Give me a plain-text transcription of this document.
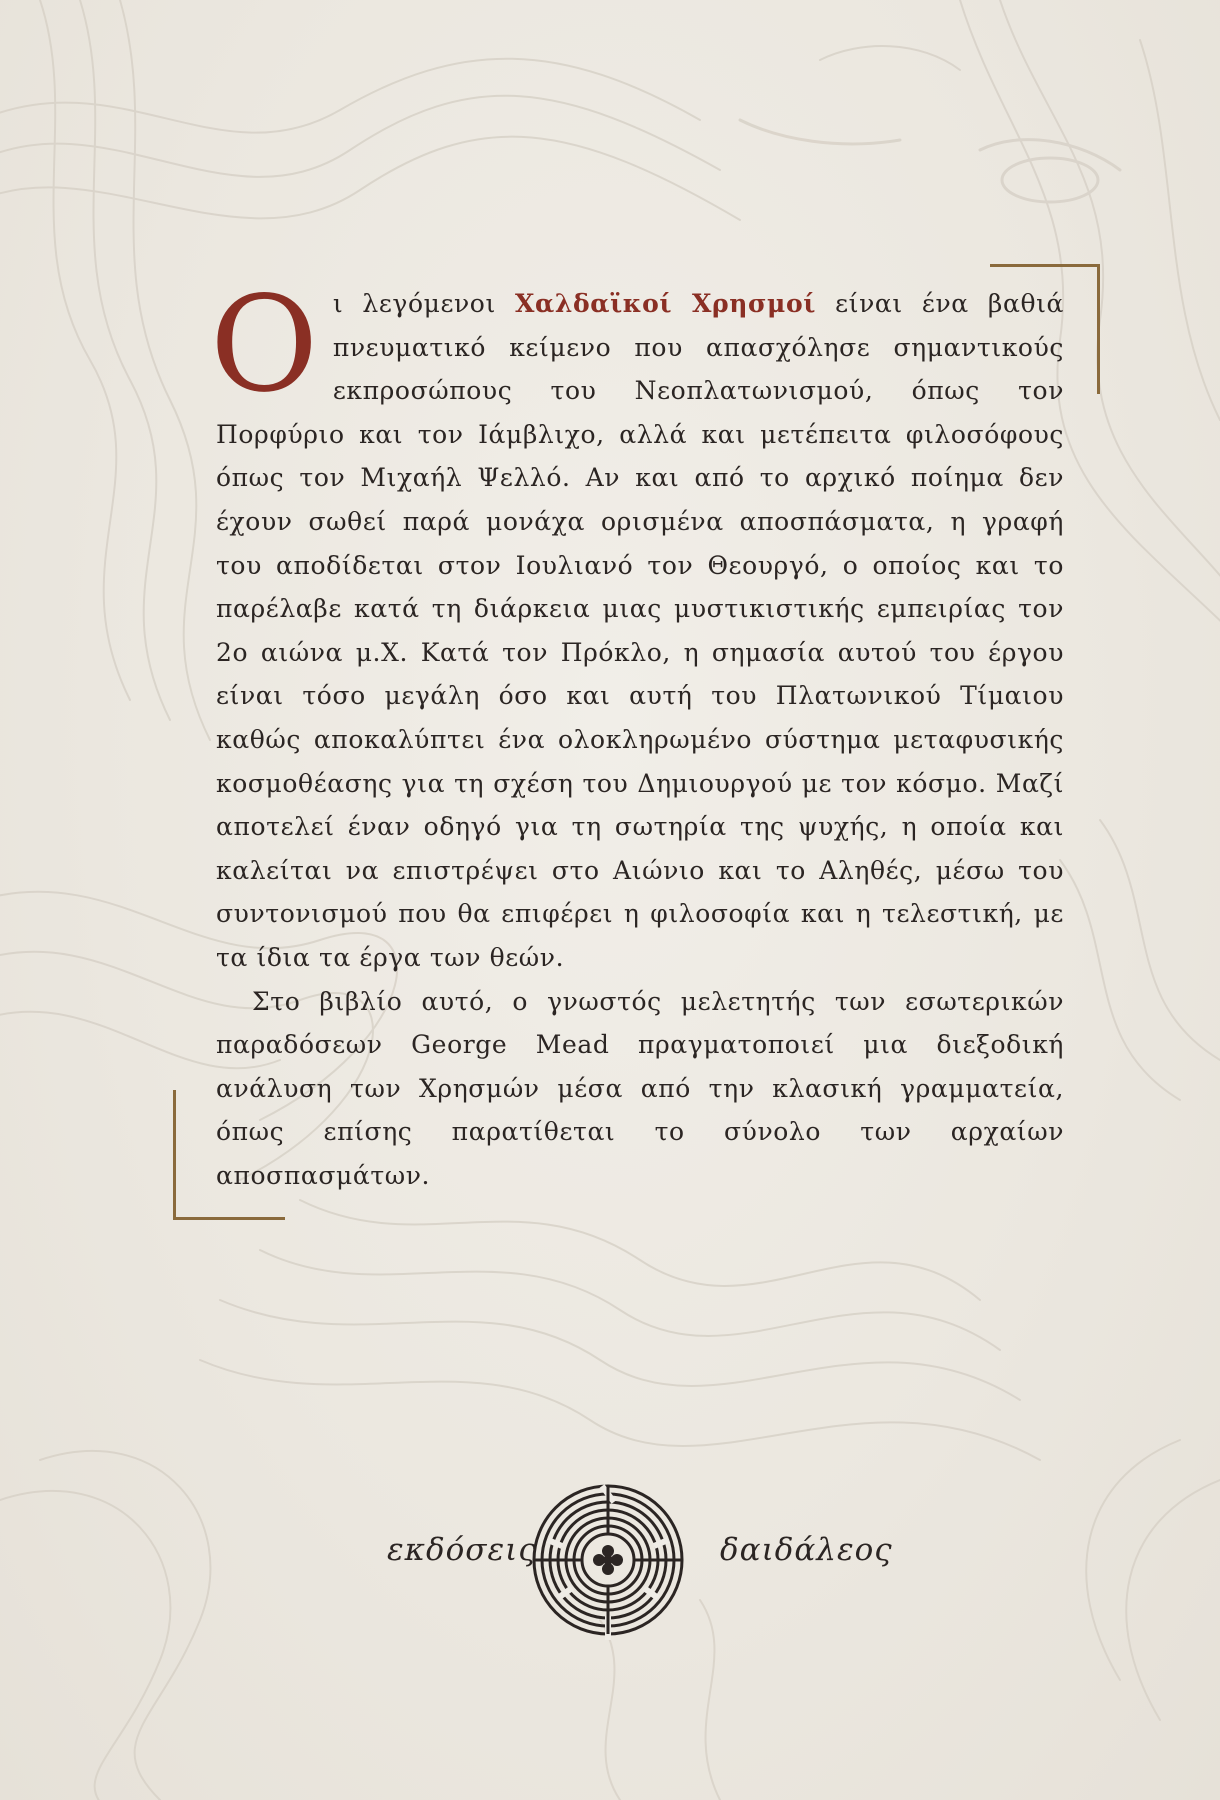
Οι λεγόμενοι Χαλδαϊκοί Χρησμοί είναι ένα βαθιά πνευματικό κείμενο που απασχόλησε σημαντικούς εκπροσώπους του Νεοπλατωνισμού, όπως τον Πορφύριο και τον Ιάμβλιχο, αλλά και μετέπειτα φιλοσόφους όπως τον Μιχαήλ Ψελλό. Αν και από το αρχικό ποίημα δεν έχουν σωθεί παρά μονάχα ορισμένα αποσπάσματα, η γραφή του αποδίδεται στον Ιουλιανό τον Θεουργό, ο οποίος και το παρέλαβε κατά τη διάρκεια μιας μυστικιστικής εμπειρίας τον 2ο αιώνα μ.Χ. Κατά τον Πρόκλο, η σημασία αυτού του έργου είναι τόσο μεγάλη όσο και αυτή του Πλατωνικού Τίμαιου καθώς αποκαλύπτει ένα ολοκληρωμένο σύστημα μεταφυσικής κοσμοθέασης για τη σχέση του Δημιουργού με τον κόσμο. Μαζί αποτελεί έναν οδηγό για τη σωτηρία της ψυχής, η οποία και καλείται να επιστρέψει στο Αιώνιο και το Αληθές, μέσω του συντονισμού που θα επιφέρει η φιλοσοφία και η τελεστική, με τα ίδια τα έργα των θεών.

Στο βιβλίο αυτό, ο γνωστός μελετητής των εσωτερικών παραδόσεων George Mead πραγματοποιεί μια διεξοδική ανάλυση των Χρησμών μέσα από την κλασική γραμματεία, όπως επίσης παρατίθεται το σύνολο των αρχαίων αποσπασμάτων.

εκδόσεις	δαιδάλεος
